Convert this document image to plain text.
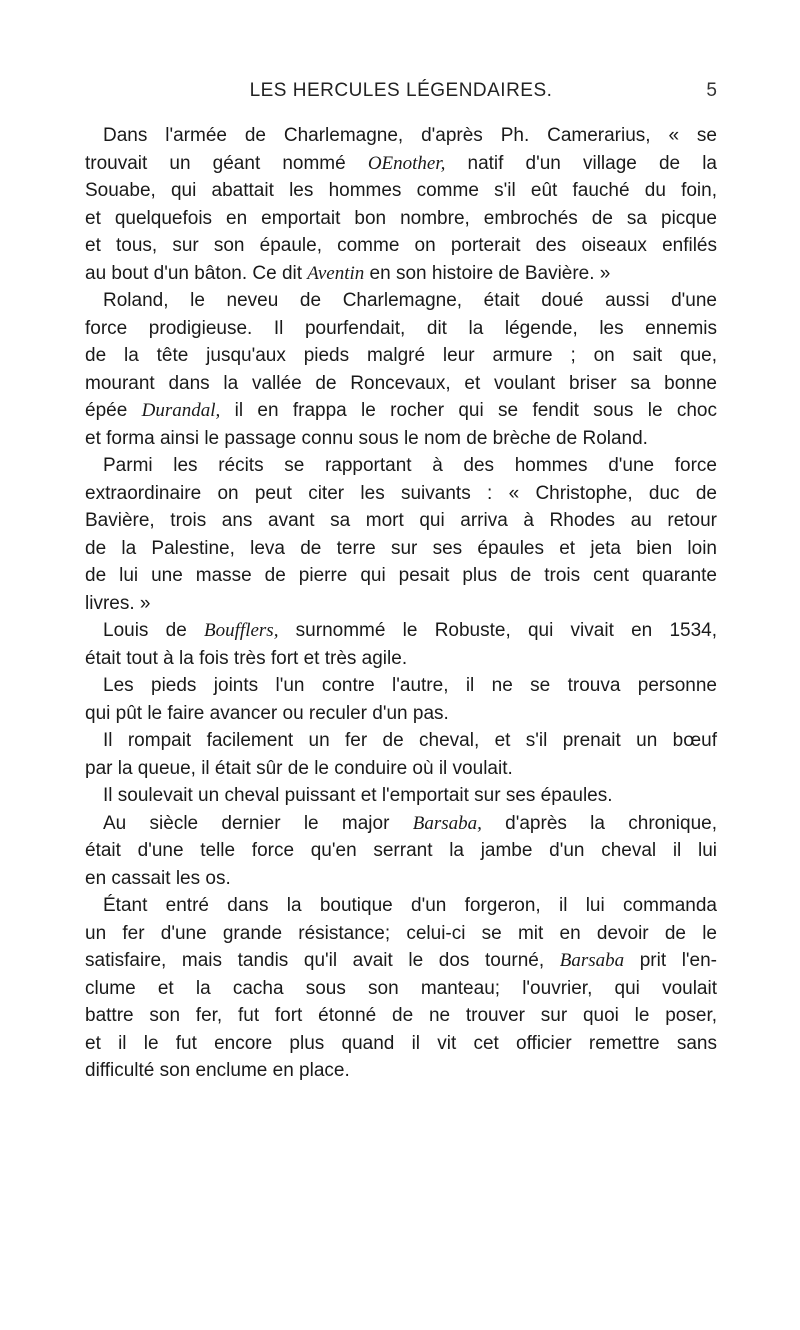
LES HERCULES LÉGENDAIRES.	5
Dans l'armée de Charlemagne, d'après Ph. Camerarius, « se
trouvait un géant nommé OEnother, natif d'un village de la
Souabe, qui abattait les hommes comme s'il eût fauché du foin,
et quelquefois en emportait bon nombre, embrochés de sa picque
et tous, sur son épaule, comme on porterait des oiseaux enfilés
au bout d'un bâton. Ce dit Aventin en son histoire de Bavière. »
Roland, le neveu de Charlemagne, était doué aussi d'une
force prodigieuse. Il pourfendait, dit la légende, les ennemis
de la tête jusqu'aux pieds malgré leur armure ; on sait que,
mourant dans la vallée de Roncevaux, et voulant briser sa bonne
épée Durandal, il en frappa le rocher qui se fendit sous le choc
et forma ainsi le passage connu sous le nom de brèche de Roland.
Parmi les récits se rapportant à des hommes d'une force
extraordinaire on peut citer les suivants : « Christophe, duc de
Bavière, trois ans avant sa mort qui arriva à Rhodes au retour
de la Palestine, leva de terre sur ses épaules et jeta bien loin
de lui une masse de pierre qui pesait plus de trois cent quarante
livres. »
Louis de Boufflers, surnommé le Robuste, qui vivait en 1534,
était tout à la fois très fort et très agile.
Les pieds joints l'un contre l'autre, il ne se trouva personne
qui pût le faire avancer ou reculer d'un pas.
Il rompait facilement un fer de cheval, et s'il prenait un bœuf
par la queue, il était sûr de le conduire où il voulait.
Il soulevait un cheval puissant et l'emportait sur ses épaules.
Au siècle dernier le major Barsaba, d'après la chronique,
était d'une telle force qu'en serrant la jambe d'un cheval il lui
en cassait les os.
Étant entré dans la boutique d'un forgeron, il lui commanda
un fer d'une grande résistance; celui-ci se mit en devoir de le
satisfaire, mais tandis qu'il avait le dos tourné, Barsaba prit l'en-
clume et la cacha sous son manteau; l'ouvrier, qui voulait
battre son fer, fut fort étonné de ne trouver sur quoi le poser,
et il le fut encore plus quand il vit cet officier remettre sans
difficulté son enclume en place.
